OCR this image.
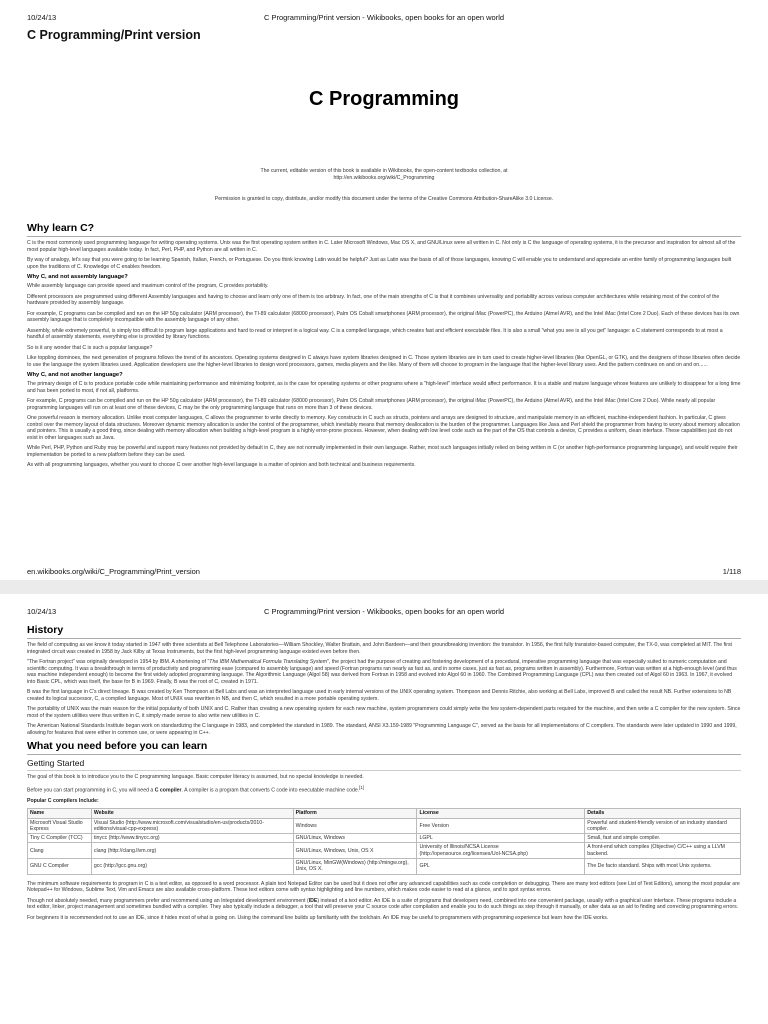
10/24/13	C Programming/Print version - Wikibooks, open books for an open world
C Programming/Print version
C Programming
The current, editable version of this book is available in Wikibooks, the open-content textbooks collection, at
http://en.wikibooks.org/wiki/C_Programming
Permission is granted to copy, distribute, and/or modify this document under the terms of the Creative Commons Attribution-ShareAlike 3.0 License.
Why learn C?

C is the most commonly used programming language for writing operating systems. Unix was the first operating system written in C. Later Microsoft Windows, Mac OS X, and GNU/Linux were all written in C. Not only is C the language of operating systems, it is the precursor and inspiration for almost all of the most popular high-level languages available today. In fact, Perl, PHP, and Python are all written in C.

By way of analogy, let's say that you were going to be learning Spanish, Italian, French, or Portuguese. Do you think knowing Latin would be helpful? Just as Latin was the basis of all of those languages, knowing C will enable you to understand and appreciate an entire family of programming languages built upon the traditions of C. Knowledge of C enables freedom.

Why C, and not assembly language?

While assembly language can provide speed and maximum control of the program, C provides portability.

Different processors are programmed using different Assembly languages and having to choose and learn only one of them is too arbitrary. In fact, one of the main strengths of C is that it combines universality and portability across various computer architectures while retaining most of the control of the hardware provided by assembly language.

For example, C programs can be compiled and run on the HP 50g calculator (ARM processor), the TI-89 calculator (68000 processor), Palm OS Cobalt smartphones (ARM processor), the original iMac (PowerPC), the Arduino (Atmel AVR), and the Intel iMac (Intel Core 2 Duo). Each of these devices has its own assembly language that is completely incompatible with the assembly language of any other.

Assembly, while extremely powerful, is simply too difficult to program large applications and hard to read or interpret in a logical way. C is a compiled language, which creates fast and efficient executable files. It is also a small "what you see is all you get" language: a C statement corresponds to at most a handful of assembly statements, everything else is provided by library functions.

So is it any wonder that C is such a popular language?

Like toppling dominoes, the next generation of programs follows the trend of its ancestors. Operating systems designed in C always have system libraries designed in C. Those system libraries are in turn used to create higher-level libraries (like OpenGL, or GTK), and the designers of those libraries often decide to use the language the system libraries used. Application developers use the higher-level libraries to design word processors, games, media players and the like. Many of them will choose to program in the language that the higher-level library uses. And the pattern continues on and on and on......

Why C, and not another language?

The primary design of C is to produce portable code while maintaining performance and minimizing footprint, as is the case for operating systems or other programs where a "high-level" interface would affect performance. It is a stable and mature language whose features are unlikely to disappear for a long time and has been ported to most, if not all, platforms.

For example, C programs can be compiled and run on the HP 50g calculator (ARM processor), the TI-89 calculator (68000 processor), Palm OS Cobalt smartphones (ARM processor), the original iMac (PowerPC), the Arduino (Atmel AVR), and the Intel iMac (Intel Core 2 Duo). While nearly all popular programming languages will run on at least one of these devices, C may be the only programming language that runs on more than 3 of these devices.

One powerful reason is memory allocation. Unlike most computer languages, C allows the programmer to write directly to memory. Key constructs in C such as structs, pointers and arrays are designed to structure, and manipulate memory in an efficient, machine-independent fashion. In particular, C gives control over the memory layout of data structures. Moreover dynamic memory allocation is under the control of the programmer, which inevitably means that memory deallocation is the burden of the programmer. Languages like Java and Perl shield the programmer from having to worry about memory allocation and pointers. This is usually a good thing, since dealing with memory allocation when building a high-level program is a highly error-prone process. However, when dealing with low level code such as the part of the OS that controls a device, C provides a uniform, clean interface. These capabilities just do not exist in other languages such as Java.

While Perl, PHP, Python and Ruby may be powerful and support many features not provided by default in C, they are not normally implemented in their own language. Rather, most such languages initially relied on being written in C (or another high-performance programming language), and would require their implementation be ported to a new platform before they can be used.

As with all programming languages, whether you want to choose C over another high-level language is a matter of opinion and both technical and business requirements.

en.wikibooks.org/wiki/C_Programming/Print_version	1/118
10/24/13	C Programming/Print version - Wikibooks, open books for an open world
History

The field of computing as we know it today started in 1947 with three scientists at Bell Telephone Laboratories—William Shockley, Walter Brattain, and John Bardeen—and their groundbreaking invention: the transistor. In 1956, the first fully transistor-based computer, the TX-0, was completed at MIT. The first integrated circuit was created in 1958 by Jack Kilby at Texas Instruments, but the first high-level programming language existed even before then.

"The Fortran project" was originally developed in 1954 by IBM. A shortening of "The IBM Mathematical Formula Translating System", the project had the purpose of creating and fostering development of a procedural, imperative programming language that was especially suited to numeric computation and scientific computing. It was a breakthrough in terms of productivity and programming ease (compared to assembly language) and speed (Fortran programs ran nearly as fast as, and in some cases, just as fast as, programs written in assembly). Furthermore, Fortran was written at a high-enough level (and thus was machine independent enough) to become the first widely adopted programming language. The Algorithmic Language (Algol 58) was derived from Fortran in 1958 and evolved into Algol 60 in 1960. The Combined Programming Language (CPL) was then created out of Algol 60 in 1963. In 1967, it evolved into Basic CPL, which was itself, the base for B in 1969. Finally, B was the root of C, created in 1971.

B was the first language in C's direct lineage. B was created by Ken Thompson at Bell Labs and was an interpreted language used in early internal versions of the UNIX operating system. Thompson and Dennis Ritchie, also working at Bell Labs, improved B and called the result NB. Further extensions to NB created its logical successor, C, a compiled language. Most of UNIX was rewritten in NB, and then C, which resulted in a more portable operating system.

The portability of UNIX was the main reason for the initial popularity of both UNIX and C. Rather than creating a new operating system for each new machine, system programmers could simply write the few system-dependent parts required for the machine, and then write a C compiler for the new system. Since most of the system utilities were thus written in C, it simply made sense to also write new utilities in C.

The American National Standards Institute began work on standardizing the C language in 1983, and completed the standard in 1989. The standard, ANSI X3.159-1989 "Programming Language C", served as the basis for all implementations of C compilers. The standards were later updated in 1990 and 1999, allowing for features that were either in common use, or were appearing in C++.

What you need before you can learn
Getting Started

The goal of this book is to introduce you to the C programming language. Basic computer literacy is assumed, but no special knowledge is needed.

Before you can start programming in C, you will need a C compiler. A compiler is a program that converts C code into executable machine code.[1]

Popular C compilers Include:

Name	Website	Platform	License	Details
Microsoft Visual Studio Express	Visual Studio (http://www.microsoft.com/visualstudio/en-us/products/2010-editions/visual-cpp-express)	Windows	Free Version	Powerful and student-friendly version of an industry standard compiler.
Tiny C Compiler (TCC)	tinycc (http://www.tinycc.org)	GNU/Linux, Windows	LGPL	Small, fast and simple compiler.
Clang	clang (http://clang.llvm.org)	GNU/Linux, Windows, Unix, OS X	University of Illinois/NCSA License (http://opensource.org/licenses/UoI-NCSA.php)	A front-end which compiles (Objective) C/C++ using a LLVM backend.
GNU C Compiler	gcc (http://gcc.gnu.org)	GNU/Linux, MinGW(Windows) (http://mingw.org), Unix, OS X.	GPL	The De facto standard. Ships with most Unix systems.

The minimum software requirements to program in C is a text editor, as opposed to a word processor. A plain text Notepad Editor can be used but it does not offer any advanced capabilities such as code completion or debugging. There are many text editors (see List of Text Editors), among the most popular are Notepad++ for Windows, Sublime Text, Vim and Emacs are also available cross-platform. These text editors come with syntax highlighting and line numbers, which makes code easier to read at a glance, and to spot syntax errors.

Though not absolutely needed, many programmers prefer and recommend using an Integrated development environment (IDE) instead of a text editor. An IDE is a suite of programs that developers need, combined into one convenient package, usually with a graphical user interface. These programs include a text editor, linker, project management and sometimes bundled with a compiler. They also typically include a debugger, a tool that will preserve your C source code after compilation and enable you to do such things as step through it manually, or alter data as an aid to finding and correcting programming errors.

For beginners it is recommended not to use an IDE, since it hides most of what is going on. Using the command line builds up familiarity with the toolchain. An IDE may be useful to programmers with programming experience but learn how the IDE works.
